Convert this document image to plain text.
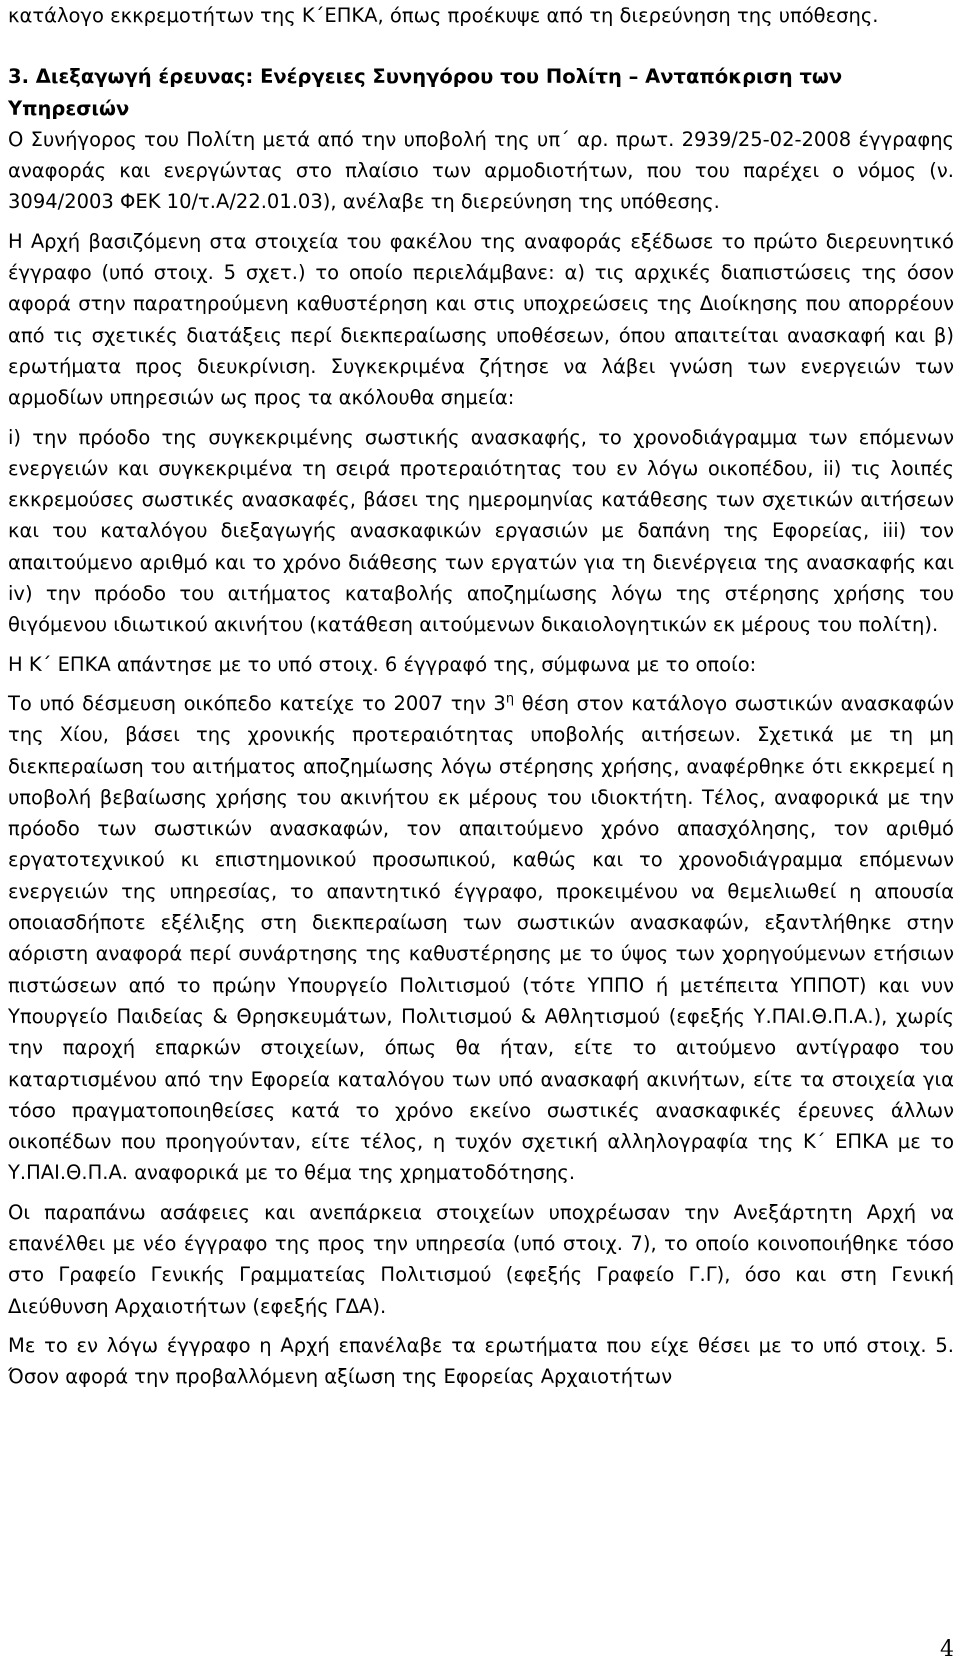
κατάλογο εκκρεμοτήτων της Κ΄ΕΠΚΑ, όπως προέκυψε από τη διερεύνηση της υπόθεσης.

3. Διεξαγωγή έρευνας: Ενέργειες Συνηγόρου του Πολίτη – Ανταπόκριση των Υπηρεσιών

Ο Συνήγορος του Πολίτη μετά από την υποβολή της υπ΄ αρ. πρωτ. 2939/25-02-2008 έγγραφης αναφοράς και ενεργώντας στο πλαίσιο των αρμοδιοτήτων, που του παρέχει ο νόμος (ν. 3094/2003 ΦΕΚ 10/τ.Α/22.01.03), ανέλαβε τη διερεύνηση της υπόθεσης.

Η Αρχή βασιζόμενη στα στοιχεία του φακέλου της αναφοράς εξέδωσε το πρώτο διερευνητικό έγγραφο (υπό στοιχ. 5 σχετ.) το οποίο περιελάμβανε: α) τις αρχικές διαπιστώσεις της όσον αφορά στην παρατηρούμενη καθυστέρηση και στις υποχρεώσεις της Διοίκησης που απορρέουν από τις σχετικές διατάξεις περί διεκπεραίωσης υποθέσεων, όπου απαιτείται ανασκαφή και β) ερωτήματα προς διευκρίνιση. Συγκεκριμένα ζήτησε να λάβει γνώση των ενεργειών των αρμοδίων υπηρεσιών ως προς τα ακόλουθα σημεία:

i) την πρόοδο της συγκεκριμένης σωστικής ανασκαφής, το χρονοδιάγραμμα των επόμενων ενεργειών και συγκεκριμένα τη σειρά προτεραιότητας του εν λόγω οικοπέδου, ii) τις λοιπές εκκρεμούσες σωστικές ανασκαφές, βάσει της ημερομηνίας κατάθεσης των σχετικών αιτήσεων και του καταλόγου διεξαγωγής ανασκαφικών εργασιών με δαπάνη της Εφορείας, iii) τον απαιτούμενο αριθμό και το χρόνο διάθεσης των εργατών για τη διενέργεια της ανασκαφής και iv) την πρόοδο του αιτήματος καταβολής αποζημίωσης λόγω της στέρησης χρήσης του θιγόμενου ιδιωτικού ακινήτου (κατάθεση αιτούμενων δικαιολογητικών εκ μέρους του πολίτη).

Η Κ΄ ΕΠΚΑ απάντησε με το υπό στοιχ. 6 έγγραφό της, σύμφωνα με το οποίο:

Το υπό δέσμευση οικόπεδο κατείχε το 2007 την $3^\eta$ θέση στον κατάλογο σωστικών ανασκαφών της Χίου, βάσει της χρονικής προτεραιότητας υποβολής αιτήσεων. Σχετικά με τη μη διεκπεραίωση του αιτήματος αποζημίωσης λόγω στέρησης χρήσης, αναφέρθηκε ότι εκκρεμεί η υποβολή βεβαίωσης χρήσης του ακινήτου εκ μέρους του ιδιοκτήτη. Τέλος, αναφορικά με την πρόοδο των σωστικών ανασκαφών, τον απαιτούμενο χρόνο απασχόλησης, τον αριθμό εργατοτεχνικού κι επιστημονικού προσωπικού, καθώς και το χρονοδιάγραμμα επόμενων ενεργειών της υπηρεσίας, το απαντητικό έγγραφο, προκειμένου να θεμελιωθεί η απουσία οποιασδήποτε εξέλιξης στη διεκπεραίωση των σωστικών ανασκαφών, εξαντλήθηκε στην αόριστη αναφορά περί συνάρτησης της καθυστέρησης με το ύψος των χορηγούμενων ετήσιων πιστώσεων από το πρώην Υπουργείο Πολιτισμού (τότε ΥΠΠΟ ή μετέπειτα ΥΠΠΟΤ) και νυν Υπουργείο Παιδείας & Θρησκευμάτων, Πολιτισμού & Αθλητισμού (εφεξής Υ.ΠΑΙ.Θ.Π.Α.), χωρίς την παροχή επαρκών στοιχείων, όπως θα ήταν, είτε το αιτούμενο αντίγραφο του καταρτισμένου από την Εφορεία καταλόγου των υπό ανασκαφή ακινήτων, είτε τα στοιχεία για τόσο πραγματοποιηθείσες κατά το χρόνο εκείνο σωστικές ανασκαφικές έρευνες άλλων οικοπέδων που προηγούνταν, είτε τέλος, η τυχόν σχετική αλληλογραφία της Κ΄ ΕΠΚΑ με το Υ.ΠΑΙ.Θ.Π.Α. αναφορικά με το θέμα της χρηματοδότησης.

Οι παραπάνω ασάφειες και ανεπάρκεια στοιχείων υποχρέωσαν την Ανεξάρτητη Αρχή να επανέλθει με νέο έγγραφο της προς την υπηρεσία (υπό στοιχ. 7), το οποίο κοινοποιήθηκε τόσο στο Γραφείο Γενικής Γραμματείας Πολιτισμού (εφεξής Γραφείο Γ.Γ), όσο και στη Γενική Διεύθυνση Αρχαιοτήτων (εφεξής ΓΔΑ).

Με το εν λόγω έγγραφο η Αρχή επανέλαβε τα ερωτήματα που είχε θέσει με το υπό στοιχ. 5. Όσον αφορά την προβαλλόμενη αξίωση της Εφορείας Αρχαιοτήτων

4
